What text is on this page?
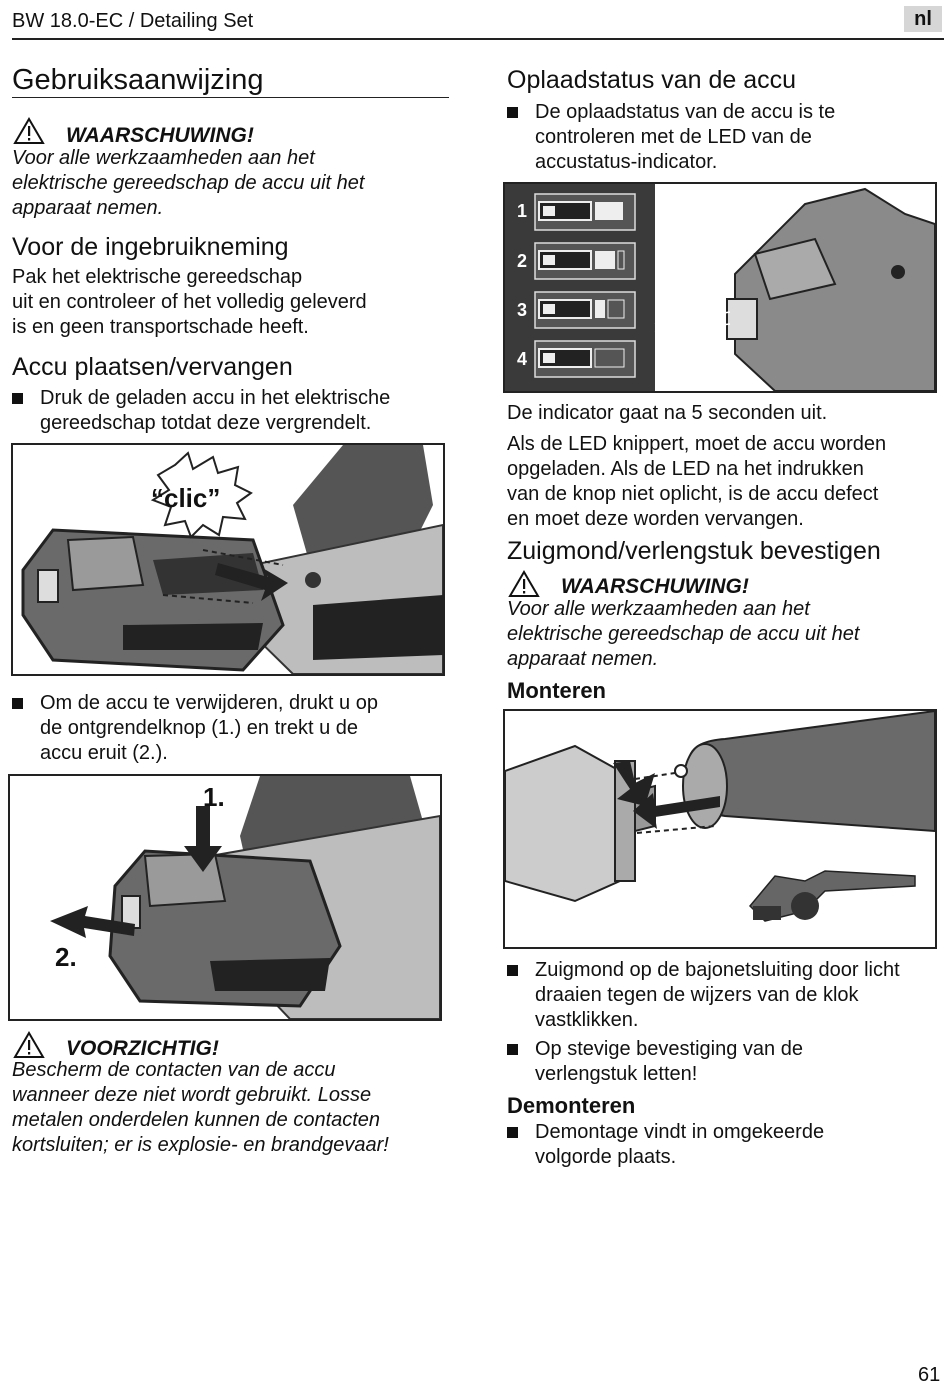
BW 18.0-EC / Detailing Set	nl
Gebruiksaanwijzing
WAARSCHUWING!
Voor alle werkzaamheden aan het
elektrische gereedschap de accu uit het
apparaat nemen.
Voor de ingebruikneming
Pak het elektrische gereedschap
uit en controleer of het volledig geleverd
is en geen transportschade heeft.
Accu plaatsen/vervangen
Druk de geladen accu in het elektrische
gereedschap totdat deze vergrendelt.
“clic”
Om de accu te verwijderen, drukt u op
de ontgrendelknop (1.) en trekt u de
accu eruit (2.).
1.
2.
VOORZICHTIG!
Bescherm de contacten van de accu
wanneer deze niet wordt gebruikt. Losse
metalen onderdelen kunnen de contacten
kortsluiten; er is explosie- en brandgevaar!
Oplaadstatus van de accu
De oplaadstatus van de accu is te
controleren met de LED van de
accustatus-indicator.
1
2
3
4
De indicator gaat na 5 seconden uit.
Als de LED knippert, moet de accu worden
opgeladen. Als de LED na het indrukken
van de knop niet oplicht, is de accu defect
en moet deze worden vervangen.
Zuigmond/verlengstuk bevestigen
WAARSCHUWING!
Voor alle werkzaamheden aan het
elektrische gereedschap de accu uit het
apparaat nemen.
Monteren
Zuigmond op de bajonetsluiting door licht
draaien tegen de wijzers van de klok
vastklikken.
Op stevige bevestiging van de
verlengstuk letten!
Demonteren
Demontage vindt in omgekeerde
volgorde plaats.
61
